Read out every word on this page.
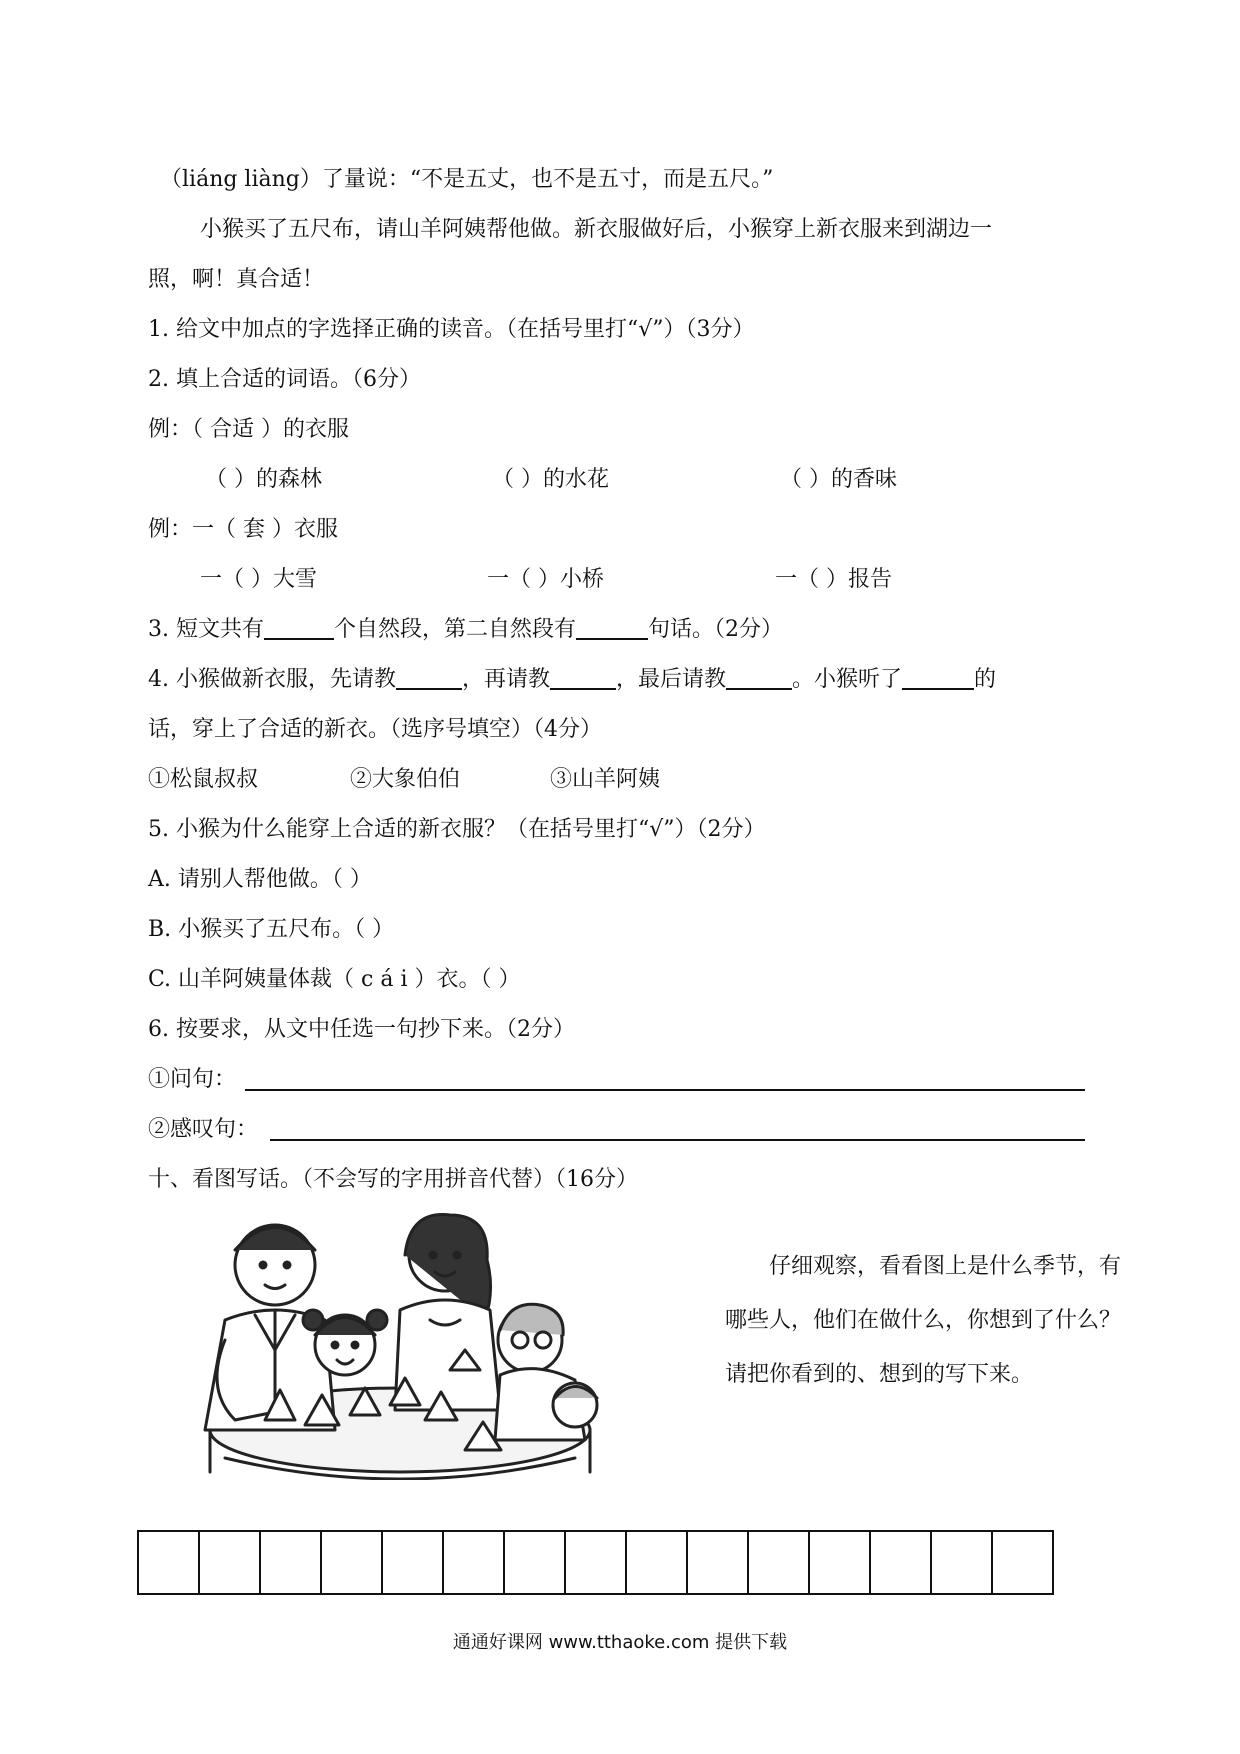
（liáng liàng）了量说：“不是五丈，也不是五寸，而是五尺。”
小猴买了五尺布，请山羊阿姨帮他做。新衣服做好后，小猴穿上新衣服来到湖边一
照，啊！真合适！
1. 给文中加点的字选择正确的读音。（在括号里打“√”）（3分）
2. 填上合适的词语。（6分）
例：（ 合适 ）的衣服
（ ）的森林	（ ）的水花	（ ）的香味
例：一（ 套 ）衣服
一（ ）大雪	一（ ）小桥	一（ ）报告
3. 短文共有	个自然段，第二自然段有	句话。（2分）
4. 小猴做新衣服，先请教	，再请教	，最后请教	。小猴听了	的
话，穿上了合适的新衣。（选序号填空）（4分）
①松鼠叔叔	②大象伯伯	③山羊阿姨
5. 小猴为什么能穿上合适的新衣服？（在括号里打“√”）（2分）
A. 请别人帮他做。（ ）
B. 小猴买了五尺布。（ ）
C. 山羊阿姨量体裁（ c á i ）衣。（ ）
6. 按要求，从文中任选一句抄下来。（2分）
①问句：
②感叹句：
十、看图写话。（不会写的字用拼音代替）（16分）
仔细观察，看看图上是什么季节，有哪些人，他们在做什么，你想到了什么？请把你看到的、想到的写下来。
通通好课网 www.tthaoke.com 提供下载
